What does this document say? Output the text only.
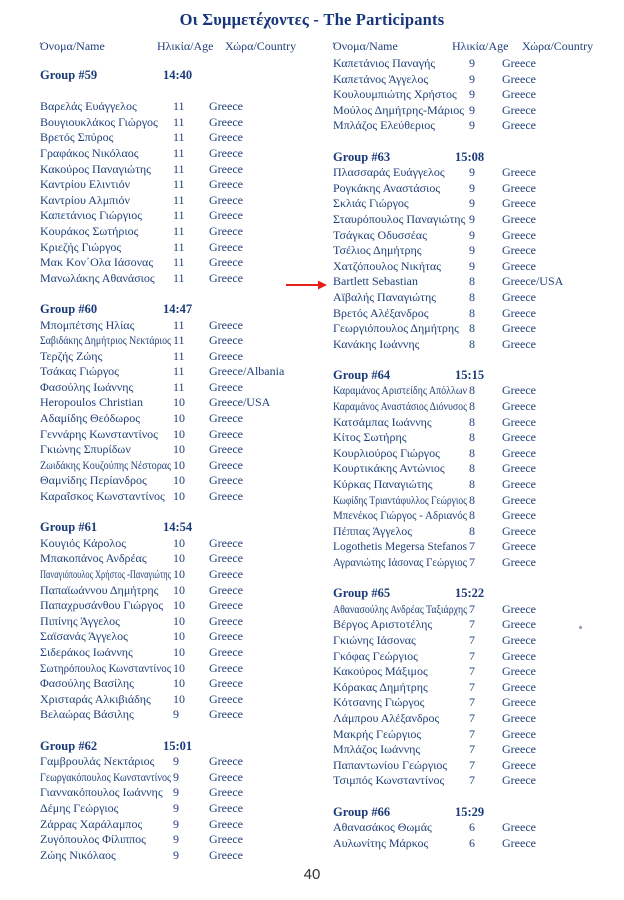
Οι Συμμετέχοντες - The Participants
Όνομα/Name	Ηλικία/Age Χώρα/Country
Group #59	14:40
Βαρελάς Ευάγγελος	11 Greece
Βουγιουκλάκος Γιώργος 11 Greece
Βρετός Σπύρος	11 Greece
Γραφάκος Νικόλαος	11 Greece
Κακούρος Παναγιώτης 11 Greece
Καντρίου Ελιντιόν	11 Greece
Καντρίου Αλμπιόν	11 Greece
Καπετάνιος Γιώργιος	11 Greece
Κουράκος Σωτήριος	11 Greece
Κριεζής Γιώργος	11 Greece
Μακ Κον΄Ολα Ιάσονας 11 Greece
Μανωλάκης Αθανάσιος 11 Greece
Group #60	14:47
Μπομπέτσης Ηλίας	11 Greece
Σαβιδάκης Δημήτριος Νεκτάριος 11 Greece
Τερζής Ζώης	11 Greece
Τσάκας Γιώργος	11 Greece/Albania
Φασούλης Ιωάννης	11 Greece
Heropoulos Christian	10 Greece/USA
Αδαμίδης Θεόδωρος	10 Greece
Γεννάρης Κωνσταντίνος 10 Greece
Γκιώνης Σπυρίδων	10 Greece
Ζωιδάκης Κουζούπης Νέστορας 10 Greece
Θαμνίδης Περίανδρος 10 Greece
Καραΐσκος Κωνσταντίνος 10 Greece
Group #61	14:54
Κουγιός Κάρολος	10 Greece
Μπακοπάνος Ανδρέας 10 Greece
Παναγιόπουλος Χρήστος -Παναγιώτης 10 Greece
Παπαϊωάννου Δημήτρης 10 Greece
Παπαχρυσάνθου Γιώργος 10 Greece
Πιπίνης Άγγελος	10 Greece
Σαϊσανάς Άγγελος	10 Greece
Σιδεράκος Ιωάννης	10 Greece
Σωτηρόπουλος Κωνσταντίνος 10 Greece
Φασούλης Βασίλης	10 Greece
Χρισταράς Αλκιβιάδης 10 Greece
Βελαώρας Βάσιλης	9	Greece
Group #62	15:01
Γαμβρουλάς Νεκτάριος 9	Greece
Γεωργακόπουλος Κωνσταντίνος 9	Greece
Γιαννακόπουλος Ιωάννης 9	Greece
Δέμης Γεώργιος	9	Greece
Ζάρρας Χαράλαμπος	9	Greece
Ζυγόπουλος Φίλιππος 9	Greece
Ζώης Νικόλαος	9	Greece
Όνομα/Name	Ηλικία/Age Χώρα/Country
Καπετάνιος Παναγής	9 Greece
Καπετάνος Άγγελος	9 Greece
Κουλουμπιώτης Χρήστος 9 Greece
Μούλος Δημήτρης-Μάριος 9 Greece
Μπλάζος Ελεύθεριος	9 Greece
Group #63	15:08
Πλασσαράς Ευάγγελος 9 Greece
Ρογκάκης Αναστάσιος 9 Greece
Σκλιάς Γιώργος	9 Greece
Σταυρόπουλος Παναγιώτης 9 Greece
Τσάγκας Οδυσσέας	9 Greece
Τσέλιος Δημήτρης	9 Greece
Χατζόπουλος Νικήτας 9 Greece
Bartlett Sebastian	8 Greece/USA
Αϊβαλής Παναγιώτης	8 Greece
Βρετός Αλέξανδρος	8 Greece
Γεωργιόπουλος Δημήτρης 8 Greece
Κανάκης Ιωάννης	8 Greece
Group #64	15:15
Καραμάνος Αριστείδης Απόλλων 8 Greece
Καραμάνος Αναστάσιος Διόνυσος 8 Greece
Κατσάμπας Ιωάννης	8 Greece
Κίτος Σωτήρης	8 Greece
Κουρλιούρος Γιώργος 8 Greece
Κουρτικάκης Αντώνιος 8 Greece
Κύρκας Παναγιώτης	8 Greece
Κωφίδης Τριαντάφυλλος Γεώργιος 8 Greece
Μπενέκος Γιώργος - Αδριανός 8 Greece
Πέππας Άγγελος	8 Greece
Logothetis Megersa Stefanos 7 Greece
Αγρανιώτης Ιάσονας Γεώργιος 7 Greece
Group #65	15:22
Αθανασούλης Ανδρέας Ταξιάρχης 7 Greece
Βέργος Αριστοτέλης	7 Greece
Γκιώνης Ιάσονας	7 Greece
Γκόφας Γεώργιος	7 Greece
Κακούρος Μάξιμος	7 Greece
Κόρακας Δημήτρης	7 Greece
Κότσανης Γιώργος	7 Greece
Λάμπρου Αλέξανδρος 7 Greece
Μακρής Γεώργιος	7 Greece
Μπλάζος Ιωάννης	7 Greece
Παπαντωνίου Γεώργιος 7 Greece
Τσιμπός Κωνσταντίνος 7 Greece
Group #66	15:29
Αθανασάκος Θωμάς	6 Greece
Αυλωνίτης Μάρκος	6 Greece
40
